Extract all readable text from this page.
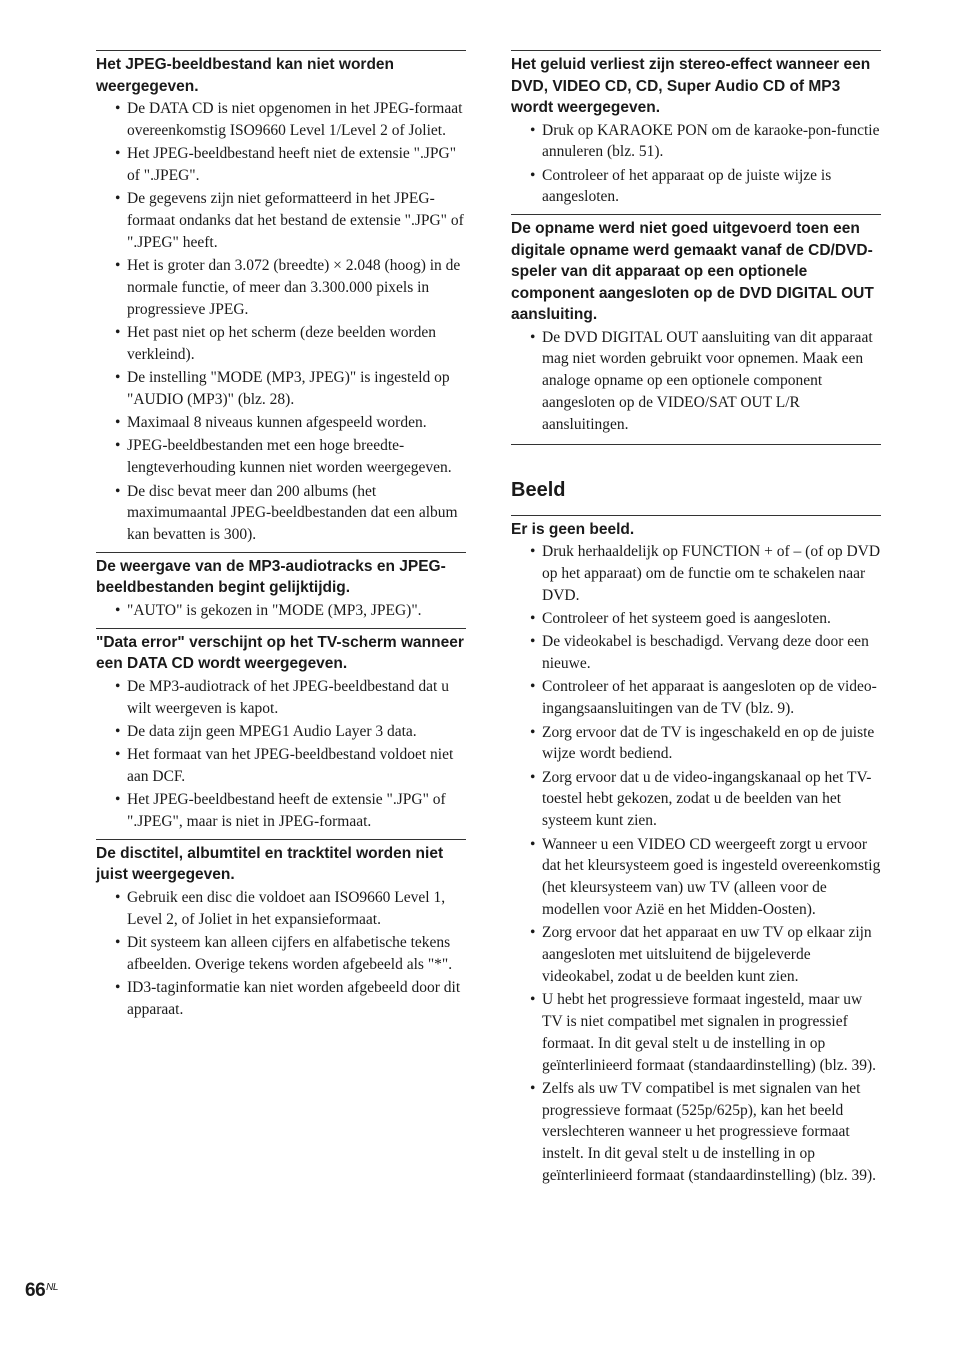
Het JPEG-beeldbestand kan niet worden weergegeven.
• De DATA CD is niet opgenomen in het JPEG-formaat overeenkomstig ISO9660 Level 1/Level 2 of Joliet.
• Het JPEG-beeldbestand heeft niet de extensie ".JPG" of ".JPEG".
• De gegevens zijn niet geformatteerd in het JPEG-formaat ondanks dat het bestand de extensie ".JPG" of ".JPEG" heeft.
• Het is groter dan 3.072 (breedte) × 2.048 (hoog) in de normale functie, of meer dan 3.300.000 pixels in progressieve JPEG.
• Het past niet op het scherm (deze beelden worden verkleind).
• De instelling "MODE (MP3, JPEG)" is ingesteld op "AUDIO (MP3)" (blz. 28).
• Maximaal 8 niveaus kunnen afgespeeld worden.
• JPEG-beeldbestanden met een hoge breedte-lengteverhouding kunnen niet worden weergegeven.
• De disc bevat meer dan 200 albums (het maximumaantal JPEG-beeldbestanden dat een album kan bevatten is 300).
De weergave van de MP3-audiotracks en JPEG-beeldbestanden begint gelijktijdig.
• "AUTO" is gekozen in "MODE (MP3, JPEG)".
"Data error" verschijnt op het TV-scherm wanneer een DATA CD wordt weergegeven.
• De MP3-audiotrack of het JPEG-beeldbestand dat u wilt weergeven is kapot.
• De data zijn geen MPEG1 Audio Layer 3 data.
• Het formaat van het JPEG-beeldbestand voldoet niet aan DCF.
• Het JPEG-beeldbestand heeft de extensie ".JPG" of ".JPEG", maar is niet in JPEG-formaat.
De disctitel, albumtitel en tracktitel worden niet juist weergegeven.
• Gebruik een disc die voldoet aan ISO9660 Level 1, Level 2, of Joliet in het expansieformaat.
• Dit systeem kan alleen cijfers en alfabetische tekens afbeelden. Overige tekens worden afgebeeld als "*".
• ID3-taginformatie kan niet worden afgebeeld door dit apparaat.
Het geluid verliest zijn stereo-effect wanneer een DVD, VIDEO CD, CD, Super Audio CD of MP3 wordt weergegeven.
• Druk op KARAOKE PON om de karaoke-pon-functie annuleren (blz. 51).
• Controleer of het apparaat op de juiste wijze is aangesloten.
De opname werd niet goed uitgevoerd toen een digitale opname werd gemaakt vanaf de CD/DVD-speler van dit apparaat op een optionele component aangesloten op de DVD DIGITAL OUT aansluiting.
• De DVD DIGITAL OUT aansluiting van dit apparaat mag niet worden gebruikt voor opnemen. Maak een analoge opname op een optionele component aangesloten op de VIDEO/SAT OUT L/R aansluitingen.
Beeld
Er is geen beeld.
• Druk herhaaldelijk op FUNCTION + of – (of op DVD op het apparaat) om de functie om te schakelen naar DVD.
• Controleer of het systeem goed is aangesloten.
• De videokabel is beschadigd. Vervang deze door een nieuwe.
• Controleer of het apparaat is aangesloten op de video-ingangsaansluitingen van de TV (blz. 9).
• Zorg ervoor dat de TV is ingeschakeld en op de juiste wijze wordt bediend.
• Zorg ervoor dat u de video-ingangskanaal op het TV-toestel hebt gekozen, zodat u de beelden van het systeem kunt zien.
• Wanneer u een VIDEO CD weergeeft zorgt u ervoor dat het kleursysteem goed is ingesteld overeenkomstig (het kleursysteem van) uw TV (alleen voor de modellen voor Azië en het Midden-Oosten).
• Zorg ervoor dat het apparaat en uw TV op elkaar zijn aangesloten met uitsluitend de bijgeleverde videokabel, zodat u de beelden kunt zien.
• U hebt het progressieve formaat ingesteld, maar uw TV is niet compatibel met signalen in progressief formaat. In dit geval stelt u de instelling in op geïnterlinieerd formaat (standaardinstelling) (blz. 39).
• Zelfs als uw TV compatibel is met signalen van het progressieve formaat (525p/625p), kan het beeld verslechteren wanneer u het progressieve formaat instelt. In dit geval stelt u de instelling in op geïnterlinieerd formaat (standaardinstelling) (blz. 39).
$66^{NL}$
